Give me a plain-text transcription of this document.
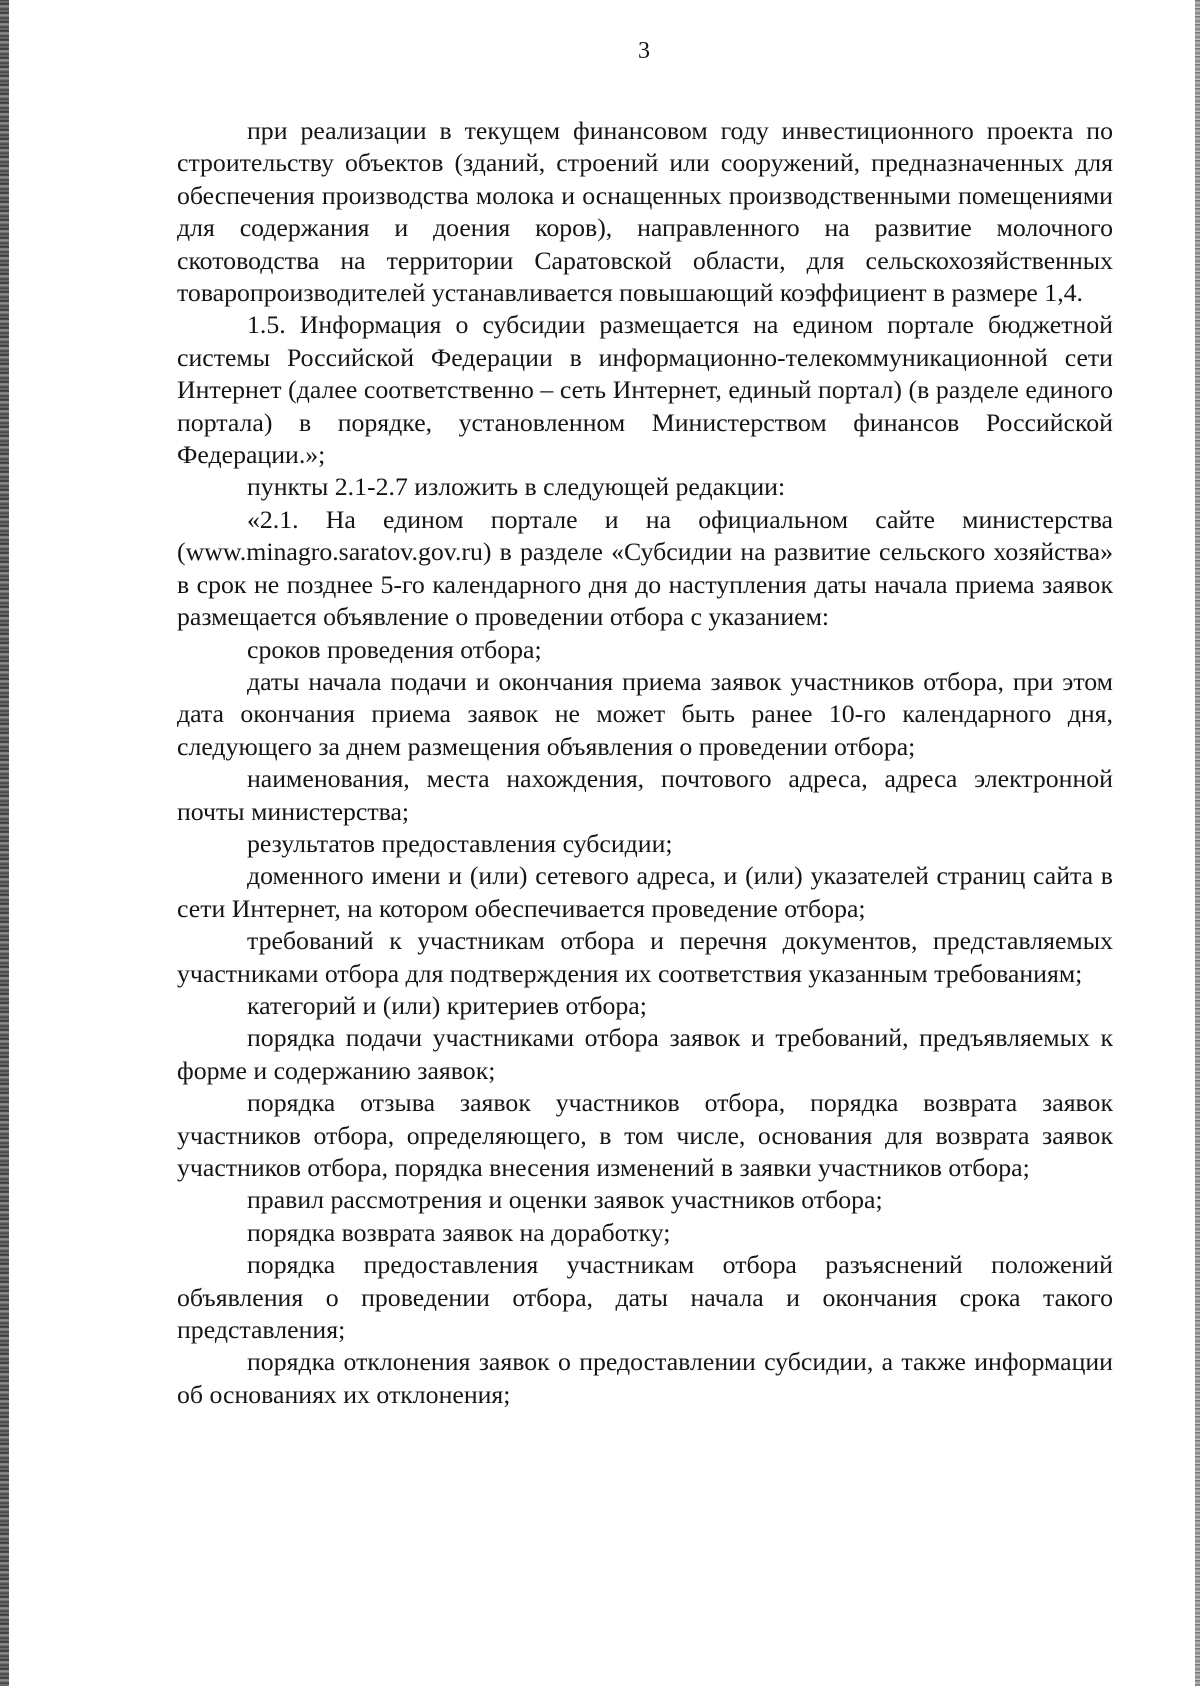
3

при реализации в текущем финансовом году инвестиционного проекта по строительству объектов (зданий, строений или сооружений, предназначенных для обеспечения производства молока и оснащенных производственными помещениями для содержания и доения коров), направленного на развитие молочного скотоводства на территории Саратовской области, для сельскохозяйственных товаропроизводителей устанавливается повышающий коэффициент в размере 1,4.

1.5. Информация о субсидии размещается на едином портале бюджетной системы Российской Федерации в информационно-телекоммуникационной сети Интернет (далее соответственно – сеть Интернет, единый портал) (в разделе единого портала) в порядке, установленном Министерством финансов Российской Федерации.»;

пункты 2.1-2.7 изложить в следующей редакции:

«2.1. На едином портале и на официальном сайте министерства (www.minagro.saratov.gov.ru) в разделе «Субсидии на развитие сельского хозяйства» в срок не позднее 5-го календарного дня до наступления даты начала приема заявок размещается объявление о проведении отбора с указанием:

сроков проведения отбора;

даты начала подачи и окончания приема заявок участников отбора, при этом дата окончания приема заявок не может быть ранее 10-го календарного дня, следующего за днем размещения объявления о проведении отбора;

наименования, места нахождения, почтового адреса, адреса электронной почты министерства;

результатов предоставления субсидии;

доменного имени и (или) сетевого адреса, и (или) указателей страниц сайта в сети Интернет, на котором обеспечивается проведение отбора;

требований к участникам отбора и перечня документов, представляемых участниками отбора для подтверждения их соответствия указанным требованиям;

категорий и (или) критериев отбора;

порядка подачи участниками отбора заявок и требований, предъявляемых к форме и содержанию заявок;

порядка отзыва заявок участников отбора, порядка возврата заявок участников отбора, определяющего, в том числе, основания для возврата заявок участников отбора, порядка внесения изменений в заявки участников отбора;

правил рассмотрения и оценки заявок участников отбора;

порядка возврата заявок на доработку;

порядка предоставления участникам отбора разъяснений положений объявления о проведении отбора, даты начала и окончания срока такого представления;

порядка отклонения заявок о предоставлении субсидии, а также информации об основаниях их отклонения;
